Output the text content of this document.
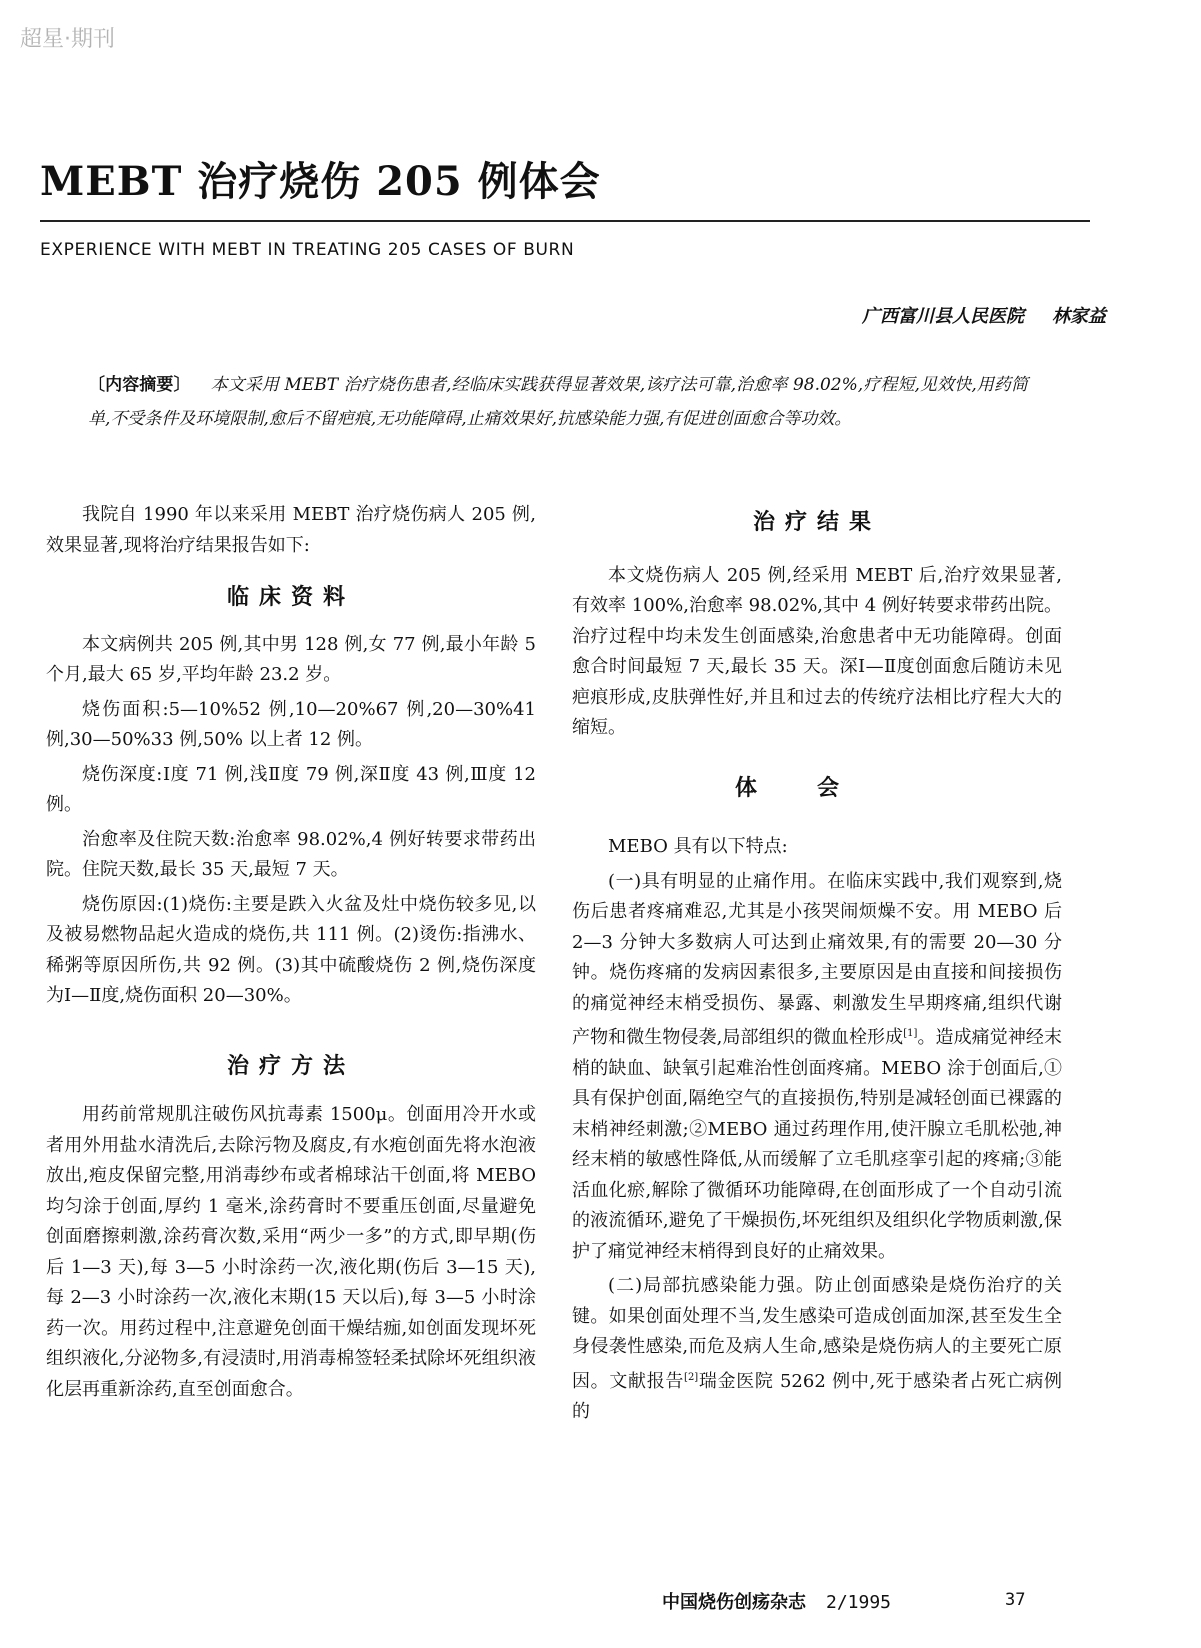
超星·期刊
MEBT 治疗烧伤 205 例体会
EXPERIENCE WITH MEBT IN TREATING 205 CASES OF BURN
广西富川县人民医院 林家益
〔内容摘要〕 本文采用 MEBT 治疗烧伤患者,经临床实践获得显著效果,该疗法可靠,治愈率 98.02%,疗程短,见效快,用药简单,不受条件及环境限制,愈后不留疤痕,无功能障碍,止痛效果好,抗感染能力强,有促进创面愈合等功效。

我院自 1990 年以来采用 MEBT 治疗烧伤病人 205 例,效果显著,现将治疗结果报告如下:

临床资料

本文病例共 205 例,其中男 128 例,女 77 例,最小年龄 5 个月,最大 65 岁,平均年龄 23.2 岁。

烧伤面积:5—10%52 例,10—20%67 例,20—30%41 例,30—50%33 例,50% 以上者 12 例。

烧伤深度:Ⅰ度 71 例,浅Ⅱ度 79 例,深Ⅱ度 43 例,Ⅲ度 12 例。

治愈率及住院天数:治愈率 98.02%,4 例好转要求带药出院。住院天数,最长 35 天,最短 7 天。

烧伤原因:(1)烧伤:主要是跌入火盆及灶中烧伤较多见,以及被易燃物品起火造成的烧伤,共 111 例。(2)烫伤:指沸水、稀粥等原因所伤,共 92 例。(3)其中硫酸烧伤 2 例,烧伤深度为Ⅰ—Ⅱ度,烧伤面积 20—30%。

治疗方法

用药前常规肌注破伤风抗毒素 1500μ。创面用冷开水或者用外用盐水清洗后,去除污物及腐皮,有水疱创面先将水泡液放出,疱皮保留完整,用消毒纱布或者棉球沾干创面,将 MEBO 均匀涂于创面,厚约 1 毫米,涂药膏时不要重压创面,尽量避免创面磨擦刺激,涂药膏次数,采用“两少一多”的方式,即早期(伤后 1—3 天),每 3—5 小时涂药一次,液化期(伤后 3—15 天),每 2—3 小时涂药一次,液化末期(15 天以后),每 3—5 小时涂药一次。用药过程中,注意避免创面干燥结痂,如创面发现坏死组织液化,分泌物多,有浸渍时,用消毒棉签轻柔拭除坏死组织液化层再重新涂药,直至创面愈合。

治疗结果

本文烧伤病人 205 例,经采用 MEBT 后,治疗效果显著,有效率 100%,治愈率 98.02%,其中 4 例好转要求带药出院。治疗过程中均未发生创面感染,治愈患者中无功能障碍。创面愈合时间最短 7 天,最长 35 天。深Ⅰ—Ⅱ度创面愈后随访未见疤痕形成,皮肤弹性好,并且和过去的传统疗法相比疗程大大的缩短。

体会

MEBO 具有以下特点:

(一)具有明显的止痛作用。在临床实践中,我们观察到,烧伤后患者疼痛难忍,尤其是小孩哭闹烦燥不安。用 MEBO 后 2—3 分钟大多数病人可达到止痛效果,有的需要 20—30 分钟。烧伤疼痛的发病因素很多,主要原因是由直接和间接损伤的痛觉神经末梢受损伤、暴露、刺激发生早期疼痛,组织代谢产物和微生物侵袭,局部组织的微血栓形成[1]。造成痛觉神经末梢的缺血、缺氧引起难治性创面疼痛。MEBO 涂于创面后,①具有保护创面,隔绝空气的直接损伤,特别是减轻创面已裸露的末梢神经刺激;②MEBO 通过药理作用,使汗腺立毛肌松弛,神经末梢的敏感性降低,从而缓解了立毛肌痉挛引起的疼痛;③能活血化瘀,解除了微循环功能障碍,在创面形成了一个自动引流的液流循环,避免了干燥损伤,坏死组织及组织化学物质刺激,保护了痛觉神经末梢得到良好的止痛效果。

(二)局部抗感染能力强。防止创面感染是烧伤治疗的关键。如果创面处理不当,发生感染可造成创面加深,甚至发生全身侵袭性感染,而危及病人生命,感染是烧伤病人的主要死亡原因。文献报告[2]瑞金医院 5262 例中,死于感染者占死亡病例的

中国烧伤创疡杂志 2/1995	37
